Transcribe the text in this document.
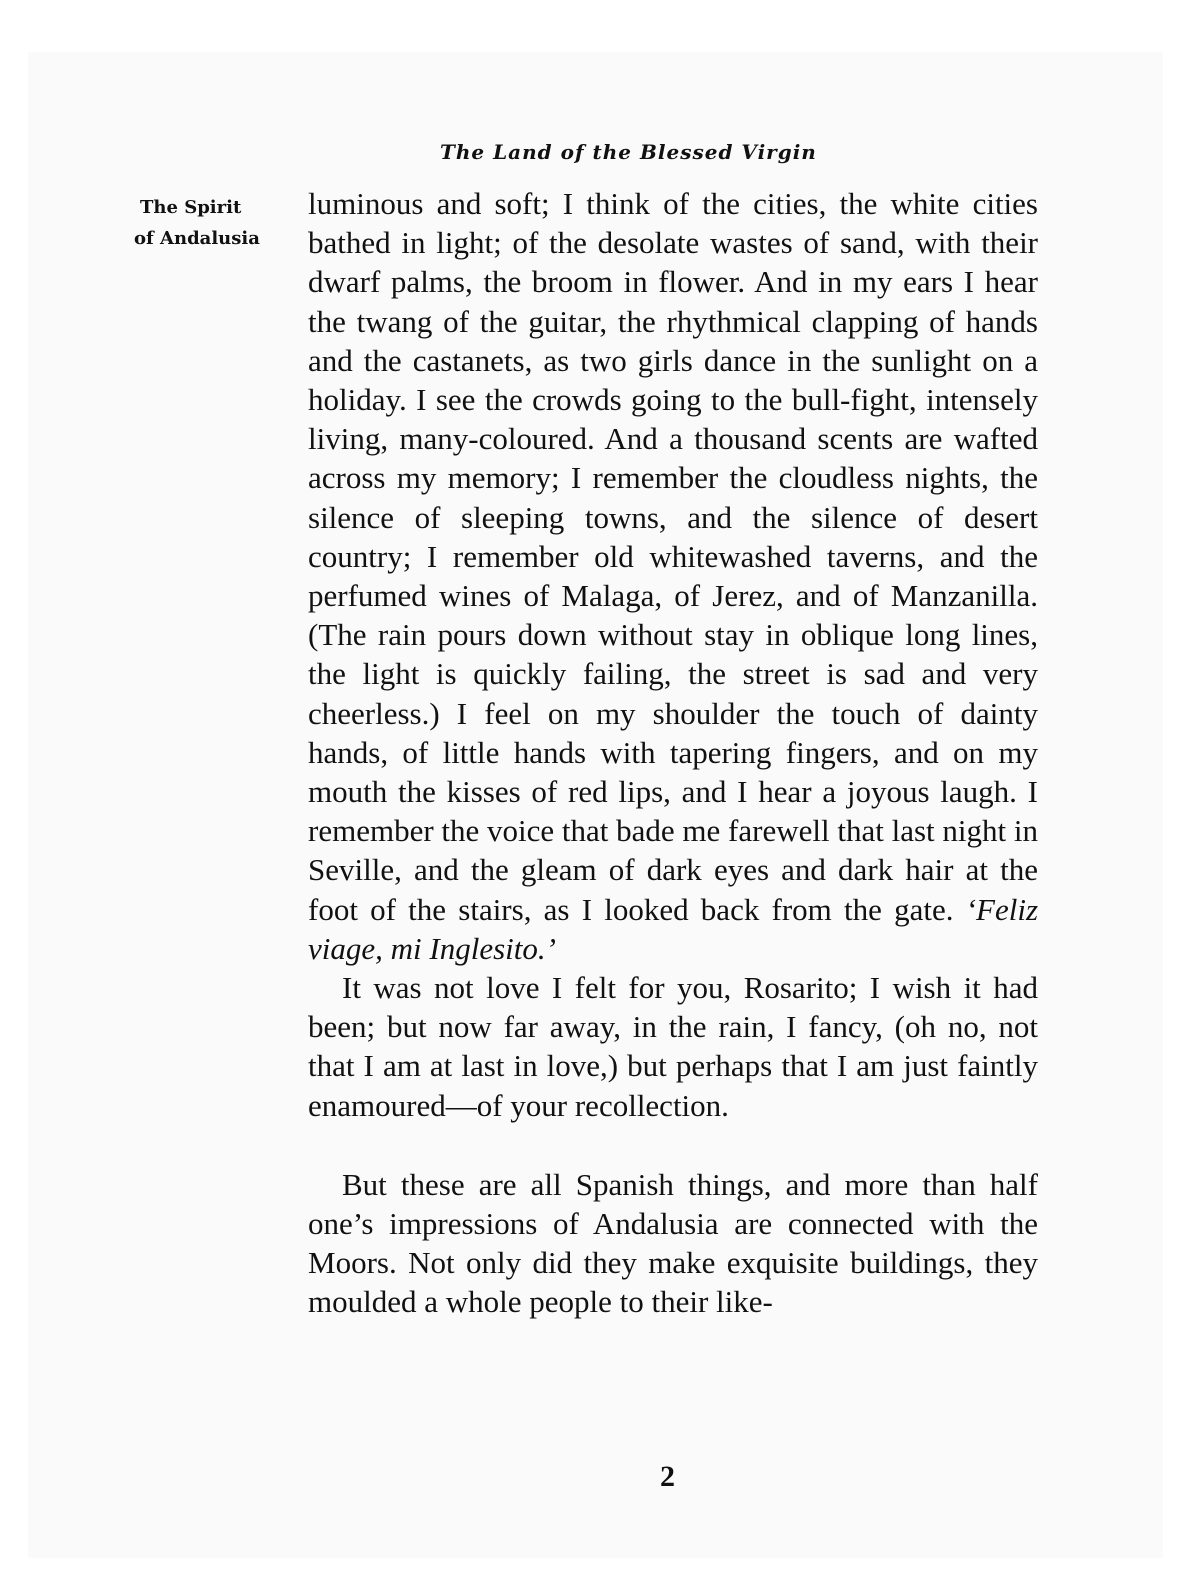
The Land of the Blessed Virgin
The Spirit
of Andalusia

luminous and soft; I think of the cities, the white cities bathed in light; of the desolate wastes of sand, with their dwarf palms, the broom in flower. And in my ears I hear the twang of the guitar, the rhythmical clapping of hands and the castanets, as two girls dance in the sunlight on a holiday. I see the crowds going to the bull-fight, intensely living, many-coloured. And a thousand scents are wafted across my memory; I remember the cloudless nights, the silence of sleeping towns, and the silence of desert country; I remember old whitewashed taverns, and the perfumed wines of Malaga, of Jerez, and of Manzanilla. (The rain pours down without stay in oblique long lines, the light is quickly failing, the street is sad and very cheerless.) I feel on my shoulder the touch of dainty hands, of little hands with tapering fingers, and on my mouth the kisses of red lips, and I hear a joyous laugh. I remember the voice that bade me farewell that last night in Seville, and the gleam of dark eyes and dark hair at the foot of the stairs, as I looked back from the gate. ‘Feliz viage, mi Inglesito.’

It was not love I felt for you, Rosarito; I wish it had been; but now far away, in the rain, I fancy, (oh no, not that I am at last in love,) but perhaps that I am just faintly enamoured—of your recollection.

But these are all Spanish things, and more than half one’s impressions of Andalusia are connected with the Moors. Not only did they make exquisite buildings, they moulded a whole people to their like-

2
